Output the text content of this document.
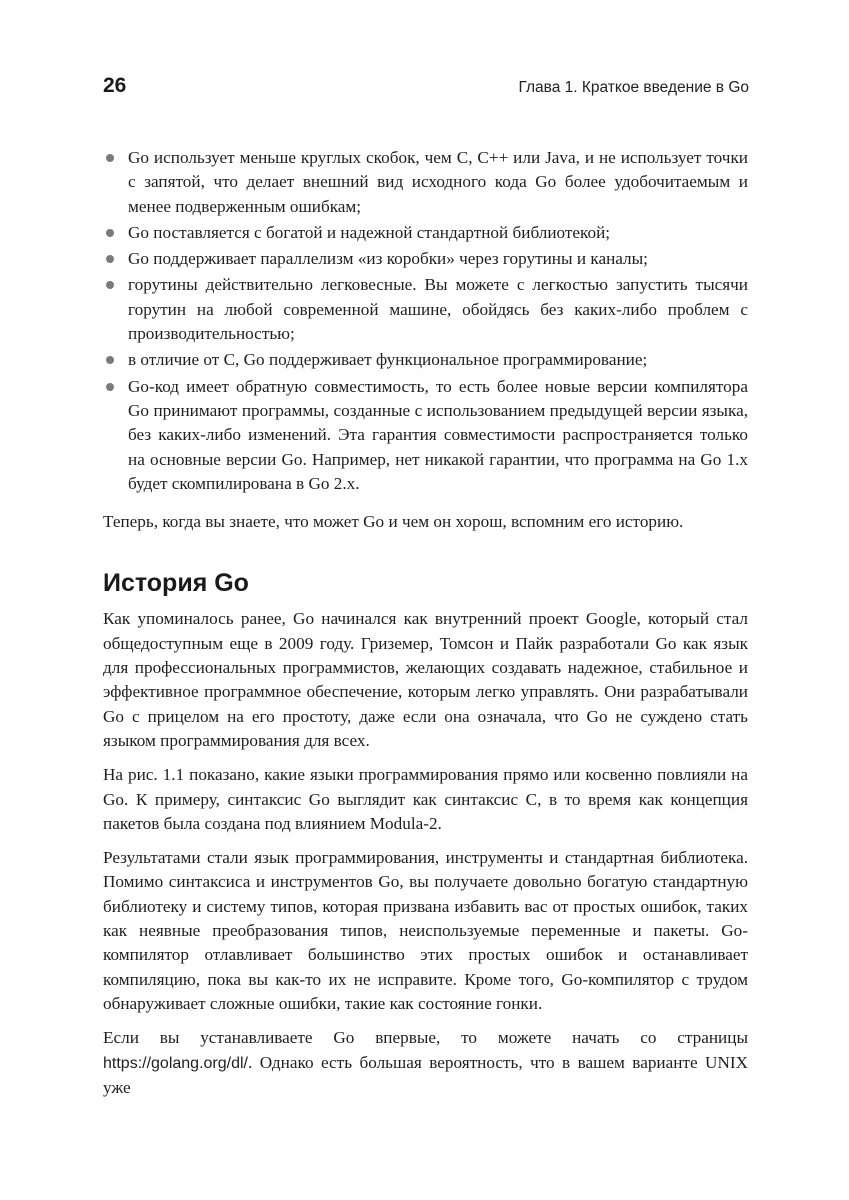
26	Глава 1. Краткое введение в Go
Go использует меньше круглых скобок, чем C, C++ или Java, и не использует точки с запятой, что делает внешний вид исходного кода Go более удобочитаемым и менее подверженным ошибкам;
Go поставляется с богатой и надежной стандартной библиотекой;
Go поддерживает параллелизм «из коробки» через горутины и каналы;
горутины действительно легковесные. Вы можете с легкостью запустить тысячи горутин на любой современной машине, обойдясь без каких-либо проблем с производительностью;
в отличие от C, Go поддерживает функциональное программирование;
Go-код имеет обратную совместимость, то есть более новые версии компилятора Go принимают программы, созданные с использованием предыдущей версии языка, без каких-либо изменений. Эта гарантия совместимости распространяется только на основные версии Go. Например, нет никакой гарантии, что программа на Go 1.x будет скомпилирована в Go 2.x.

Теперь, когда вы знаете, что может Go и чем он хорош, вспомним его историю.

История Go

Как упоминалось ранее, Go начинался как внутренний проект Google, который стал общедоступным еще в 2009 году. Гриземер, Томсон и Пайк разработали Go как язык для профессиональных программистов, желающих создавать надежное, стабильное и эффективное программное обеспечение, которым легко управлять. Они разрабатывали Go с прицелом на его простоту, даже если она означала, что Go не суждено стать языком программирования для всех.

На рис. 1.1 показано, какие языки программирования прямо или косвенно повлияли на Go. К примеру, синтаксис Go выглядит как синтаксис C, в то время как концепция пакетов была создана под влиянием Modula-2.

Результатами стали язык программирования, инструменты и стандартная библиотека. Помимо синтаксиса и инструментов Go, вы получаете довольно богатую стандартную библиотеку и систему типов, которая призвана избавить вас от простых ошибок, таких как неявные преобразования типов, неиспользуемые переменные и пакеты. Go-компилятор отлавливает большинство этих простых ошибок и останавливает компиляцию, пока вы как-то их не исправите. Кроме того, Go-компилятор с трудом обнаруживает сложные ошибки, такие как состояние гонки.

Если вы устанавливаете Go впервые, то можете начать со страницы https://golang.org/dl/. Однако есть большая вероятность, что в вашем варианте UNIX уже
